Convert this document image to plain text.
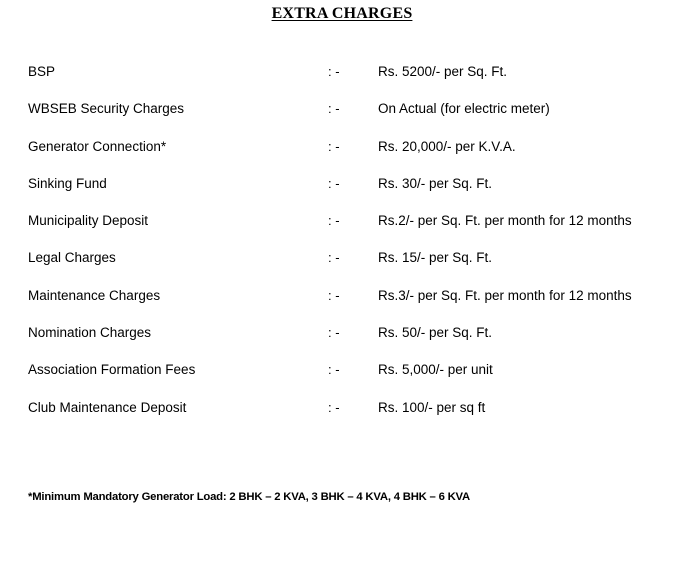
EXTRA CHARGES
BSP	: -	Rs. 5200/- per Sq. Ft.
WBSEB Security Charges	: -	On Actual (for electric meter)
Generator Connection*	: -	Rs. 20,000/- per K.V.A.
Sinking Fund	: -	Rs. 30/- per Sq. Ft.
Municipality Deposit	: -	Rs.2/- per Sq. Ft. per month for 12 months
Legal Charges	: -	Rs. 15/- per Sq. Ft.
Maintenance Charges	: -	Rs.3/- per Sq. Ft. per month for 12 months
Nomination Charges	: -	Rs. 50/- per Sq. Ft.
Association Formation Fees	: -	Rs. 5,000/- per unit
Club Maintenance Deposit	: -	Rs. 100/- per sq ft
*Minimum Mandatory Generator Load: 2 BHK – 2 KVA, 3 BHK – 4 KVA, 4 BHK – 6 KVA
